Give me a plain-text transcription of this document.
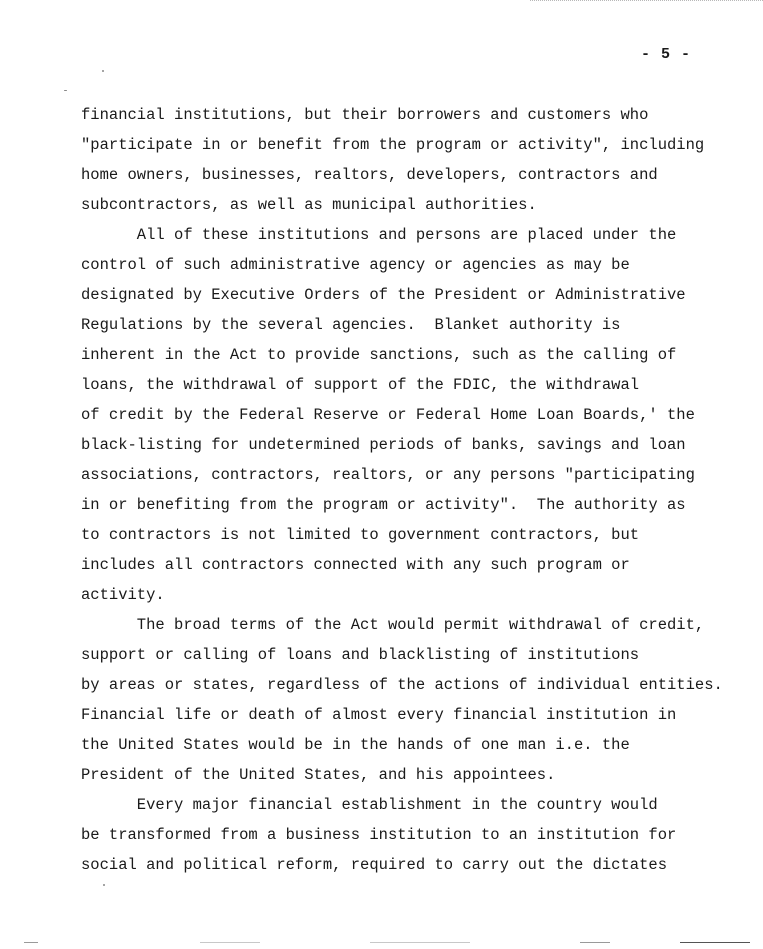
- 5 -
financial institutions, but their borrowers and customers who
"participate in or benefit from the program or activity", including
home owners, businesses, realtors, developers, contractors and
subcontractors, as well as municipal authorities.
All of these institutions and persons are placed under the
control of such administrative agency or agencies as may be
designated by Executive Orders of the President or Administrative
Regulations by the several agencies.  Blanket authority is
inherent in the Act to provide sanctions, such as the calling of
loans, the withdrawal of support of the FDIC, the withdrawal
of credit by the Federal Reserve or Federal Home Loan Boards,' the
black-listing for undetermined periods of banks, savings and loan
associations, contractors, realtors, or any persons "participating
in or benefiting from the program or activity".  The authority as
to contractors is not limited to government contractors, but
includes all contractors connected with any such program or
activity.
The broad terms of the Act would permit withdrawal of credit,
support or calling of loans and blacklisting of institutions
by areas or states, regardless of the actions of individual entities.
Financial life or death of almost every financial institution in
the United States would be in the hands of one man i.e. the
President of the United States, and his appointees.
Every major financial establishment in the country would
be transformed from a business institution to an institution for
social and political reform, required to carry out the dictates
